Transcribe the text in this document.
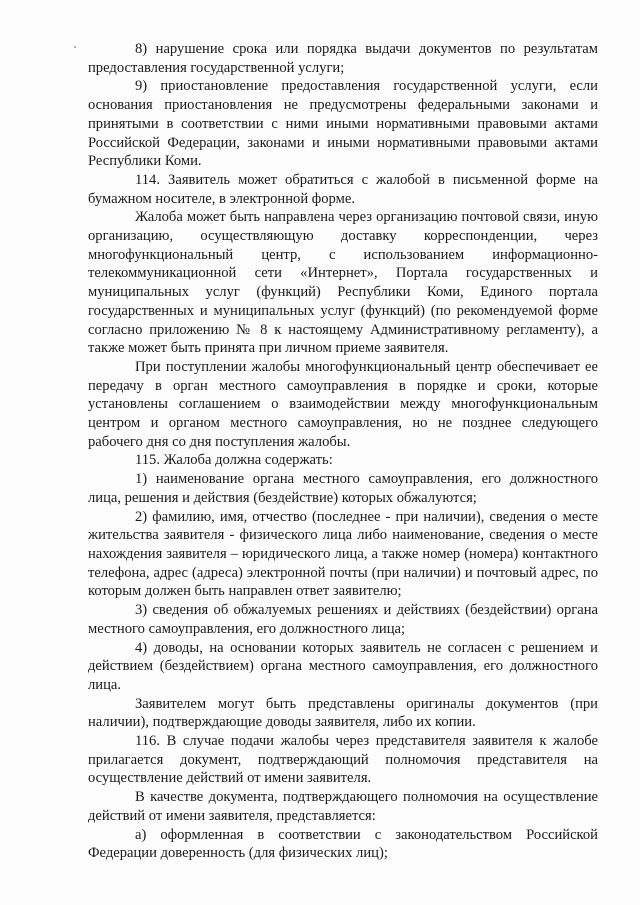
8) нарушение срока или порядка выдачи документов по результатам предоставления государственной услуги;

9) приостановление предоставления государственной услуги, если основания приостановления не предусмотрены федеральными законами и принятыми в соответствии с ними иными нормативными правовыми актами Российской Федерации, законами и иными нормативными правовыми актами Республики Коми.

114. Заявитель может обратиться с жалобой в письменной форме на бумажном носителе, в электронной форме.

Жалоба может быть направлена через организацию почтовой связи, иную организацию, осуществляющую доставку корреспонденции, через многофункциональный центр, с использованием информационно-телекоммуникационной сети «Интернет», Портала государственных и муниципальных услуг (функций) Республики Коми, Единого портала государственных и муниципальных услуг (функций) (по рекомендуемой форме согласно приложению № 8 к настоящему Административному регламенту), а также может быть принята при личном приеме заявителя.

При поступлении жалобы многофункциональный центр обеспечивает ее передачу в орган местного самоуправления в порядке и сроки, которые установлены соглашением о взаимодействии между многофункциональным центром и органом местного самоуправления, но не позднее следующего рабочего дня со дня поступления жалобы.

115. Жалоба должна содержать:

1) наименование органа местного самоуправления, его должностного лица, решения и действия (бездействие) которых обжалуются;

2) фамилию, имя, отчество (последнее - при наличии), сведения о месте жительства заявителя - физического лица либо наименование, сведения о месте нахождения заявителя – юридического лица, а также номер (номера) контактного телефона, адрес (адреса) электронной почты (при наличии) и почтовый адрес, по которым должен быть направлен ответ заявителю;

3) сведения об обжалуемых решениях и действиях (бездействии) органа местного самоуправления, его должностного лица;

4) доводы, на основании которых заявитель не согласен с решением и действием (бездействием) органа местного самоуправления, его должностного лица.

Заявителем могут быть представлены оригиналы документов (при наличии), подтверждающие доводы заявителя, либо их копии.

116. В случае подачи жалобы через представителя заявителя к жалобе прилагается документ, подтверждающий полномочия представителя на осуществление действий от имени заявителя.

В качестве документа, подтверждающего полномочия на осуществление действий от имени заявителя, представляется:

а) оформленная в соответствии с законодательством Российской Федерации доверенность (для физических лиц);
